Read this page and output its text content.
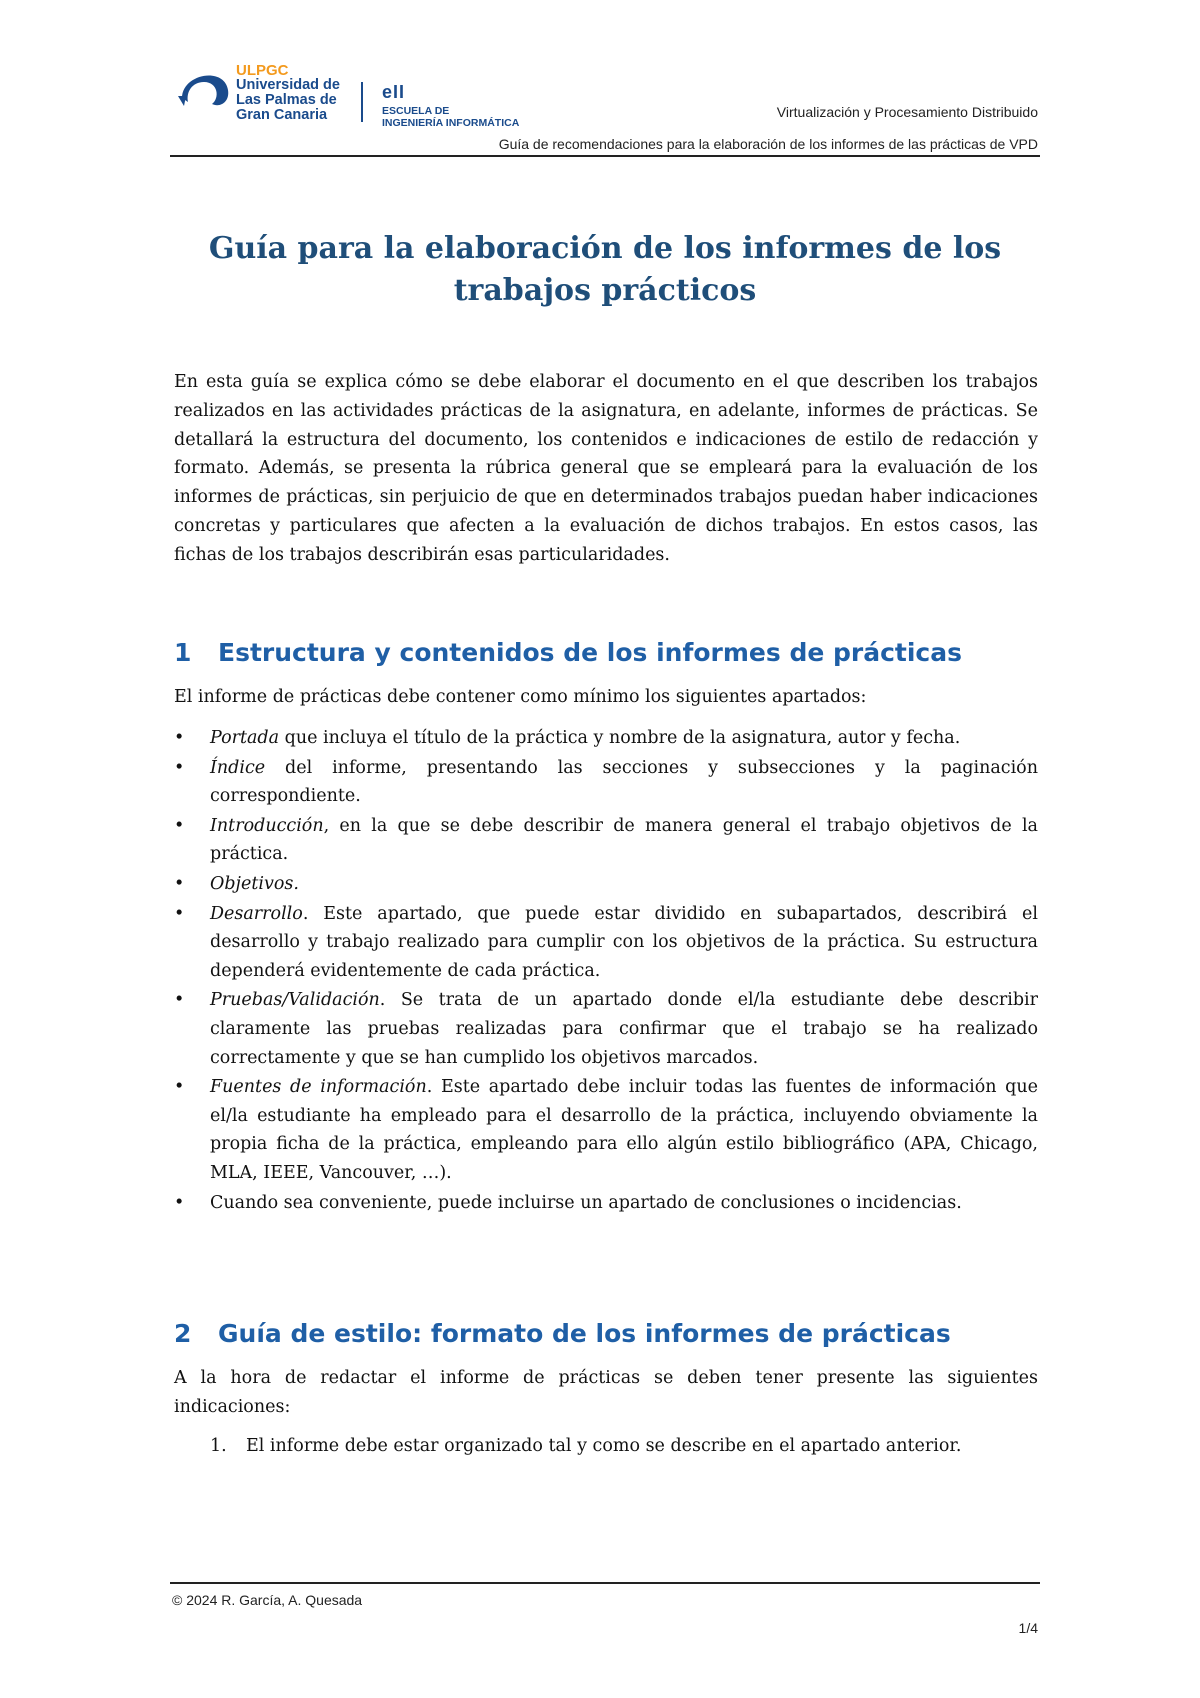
ULPGC
Universidad de
Las Palmas de
Gran Canaria
eII
ESCUELA DE
INGENIERÍA INFORMÁTICA
Virtualización y Procesamiento Distribuido
Guía de recomendaciones para la elaboración de los informes de las prácticas de VPD
Guía para la elaboración de los informes de los
trabajos prácticos

En esta guía se explica cómo se debe elaborar el documento en el que describen los trabajos realizados en las actividades prácticas de la asignatura, en adelante, informes de prácticas. Se detallará la estructura del documento, los contenidos e indicaciones de estilo de redacción y formato. Además, se presenta la rúbrica general que se empleará para la evaluación de los informes de prácticas, sin perjuicio de que en determinados trabajos puedan haber indicaciones concretas y particulares que afecten a la evaluación de dichos trabajos. En estos casos, las fichas de los trabajos describirán esas particularidades.

1 Estructura y contenidos de los informes de prácticas

El informe de prácticas debe contener como mínimo los siguientes apartados:

• Portada que incluya el título de la práctica y nombre de la asignatura, autor y fecha.
• Índice del informe, presentando las secciones y subsecciones y la paginación correspondiente.
• Introducción, en la que se debe describir de manera general el trabajo objetivos de la práctica.
• Objetivos.
• Desarrollo. Este apartado, que puede estar dividido en subapartados, describirá el desarrollo y trabajo realizado para cumplir con los objetivos de la práctica. Su estructura dependerá evidentemente de cada práctica.
• Pruebas/Validación. Se trata de un apartado donde el/la estudiante debe describir claramente las pruebas realizadas para confirmar que el trabajo se ha realizado correctamente y que se han cumplido los objetivos marcados.
• Fuentes de información. Este apartado debe incluir todas las fuentes de información que el/la estudiante ha empleado para el desarrollo de la práctica, incluyendo obviamente la propia ficha de la práctica, empleando para ello algún estilo bibliográfico (APA, Chicago, MLA, IEEE, Vancouver, …).
• Cuando sea conveniente, puede incluirse un apartado de conclusiones o incidencias.
2 Guía de estilo: formato de los informes de prácticas

A la hora de redactar el informe de prácticas se deben tener presente las siguientes indicaciones:

1. El informe debe estar organizado tal y como se describe en el apartado anterior.
© 2024 R. García, A. Quesada
1/4
